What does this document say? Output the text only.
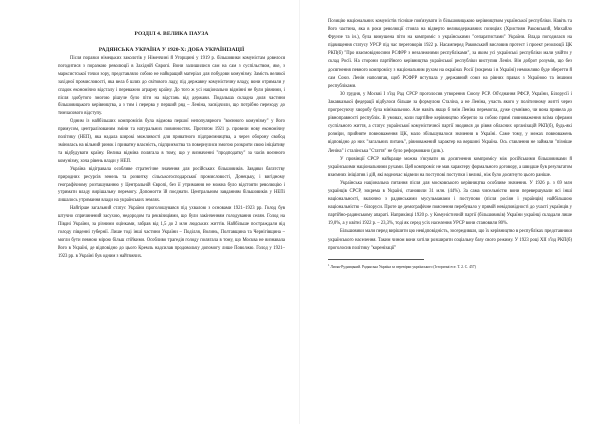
РОЗДІЛ 4. ВЕЛИКА ПАУЗА
РАДЯНСЬКА УКРАЇНА У 1920-Х: ДОБА УКРАЇНІЗАЦІЇ

Після поразки німецьких заколотів у Німеччині й Угорщині у 1919 р. більшовики комуністам довелося погодитися з поразкою революції в Західній Європі. Вони залишилися сам на сам з суспільством, яке, з марксистської точки зору, представляло собою не найкращий матеріал для побудови комунізму. Замість великої західної промисловості, яка вела б шлях до світового ладу, під державну комуністичну владу, вони отримали у спадок економічно відсталу і переважно аграрну країну. До того ж усі національно відмінні не були рівними, і після здобутого змогою рішуче було піти на відстань від держави. Подальша складна доля частини більшовицького керівництва, а з тим і перерва у перший ряд – Леніна, засвідчили, що потрібно переходу до тимчасового відступу.

Одним із найбільших компромісів була відмова першої непопулярного "воєнного комунізму" у його примусом, централізованим зміни та натуральних повинностях. Протягом 1921 р. провели нову економічну політику (НЕП), яка надала широкі можливості для приватного підприємництва, а через оборону свобод змінилась на вільний ринок і приватну власність, підприємства та повернулися змогою розкрити свою ініціативу та відбудувати країну. Велика відміна полягала в тому, що у визначенні "продподатку" за часів воєнного комунізму, хоча рівень влади у НЕП.

Україна відігравала особливе стратегічне значення для російських більшовиків. Завдяки багатству природних ресурсів земель та розвитку сільськогосподарської промисловості, Донецьку, і вигідному географічному розташуванню у Центральній Європі, без її утримання не можна було відстояти революцію і утримати владу вирішальну перемогу. Допомогти їй поєднати. Центральним завданням більшовиків у НЕПі лишалось утримання влади на українських землях.

Найгірше загальний статус України проголошувався під ухвалою з основами 1921–1923 рр. Голод був штучно спричинений засухою, недородом та реквізиціями, що були закінченням голодування селян. Голод на Півдні України, за різними оцінками, забрав від 1,5 до 2 млн людських життів. Найбільше постраждали від голоду південні губернії. Лише тоді інші частини України – Поділля, Волинь, Полтавщина та Чернігівщина – могли бути певною мірою більш стійкими. Особливо трагедія голоду полягала в тому, що Москва не визнавала його в Україні, де відповідно до цього Кремль надсилав продовольчу допомогу лише Поволжю. Голод у 1921–1923 рр. в Україні був одним з найтяжчих.

Позицію національних комуністів тісніше пов'язувати із більшовицькою керівництвом української республіки. Навіть та його частина, яка в роки революції стояла на відверто великодержавних позиціях (Християн Раковський, Михайло Фрунзе та ін.), була вимушена піти на компроміс з українськими "сепаратистами" України. Влада погодилася на підвищення статусу УРСР під час переговорів 1922 р. Насамперед Раковський висловив протест і проект резолюції ЦК РКП(б) "Про взаємовідносини РСФРР з незалежними республіками", за яким усі українські республіки мали увійти у склад Росії. На сторони партійного керівництва української республіки виступив Ленін. Він доброт розумів, що без досягнення певного компромісу з національним рухом на окраїнах Росії (зокрема і в Україні) неможливо буде зберегти й сам Союз. Ленін наполягав, щоб РСФРР вступала у державний союз на рівних правах з Україною та іншими республіками.

30 грудня, у Москві І з'їзд Рад СРСР проголосив утворення Союзу РСР. Об'єднання РФСР, України, Білорусії і Закавказької федерації відбулося більше за формулою Сталіна, а не Леніна, участь якого у політичному житті через прогресуючу хворобу була мінімальною. Але навіть якщо б змін Леніна перемогла, дуже сумнівно, чи вона привела до рівноправності республік. В умовах, коли партійне керівництво зберегло за собою прямі повноваження всіма сферами суспільного життя, а статус української комуністичної партії зводився до рівня обласних організацій РКП(б), будь-які розміри, прийняте повноваження ЦК, мало збільшувалося значення в Україні. Саме тому, у межах повноважень відповідно до них "загальних питань", рівноважений характер на вершині Україна. Ось ставлення не займали "пізніше Леніна" і сталінська "Стаття" не було реформовано (див.).

У провінції СРСР найкраще можна з'ясувати як досягнення компромісу між російськими більшовиками й українськими національними рухами. Цей компроміс не мав характеру формального договору, а швидше був результатом взаємних ініціатив і дій, які водночас відвели на поступові поступки і великі, ніж було досягнуто цього раніше.

Українська національна питання після для московського керівництва особливе значення. У 1926 р. з 69 млн українців СРСР, зокрема в Україні, становили 31 млн. (44%). За сама чисельністю вони перевершували всі інші національності, включно з радянськими мусульманами і поступово (після росіян і українців) найбільшою національністю – білоруси. Проте це демографічне пояснення перебувало у прямій невідповідності до участі українців у партійно-радянському апараті. Наприкінці 1920 р. у Комуністичній партії (більшовиків) України українці складали лише 19,0%, а у квітні 1922 р. – 23,3%, тоді як серед усіх населення УРСР вони становили 80%.

Більшовики мали перед вирішити цю невідповідність, зосередивши, що їх керівництво в республіках представники українського населення. Таким чином вони хотіли розширити соціальну базу свого режиму. У 1923 році XII з'їзд РКП(б) проголосив політику "коренізації"

$^1$ Лисяк-Рудницький. Радянська Україна за перевірки українського (Історичні есе. Т. 2. С. 457)
